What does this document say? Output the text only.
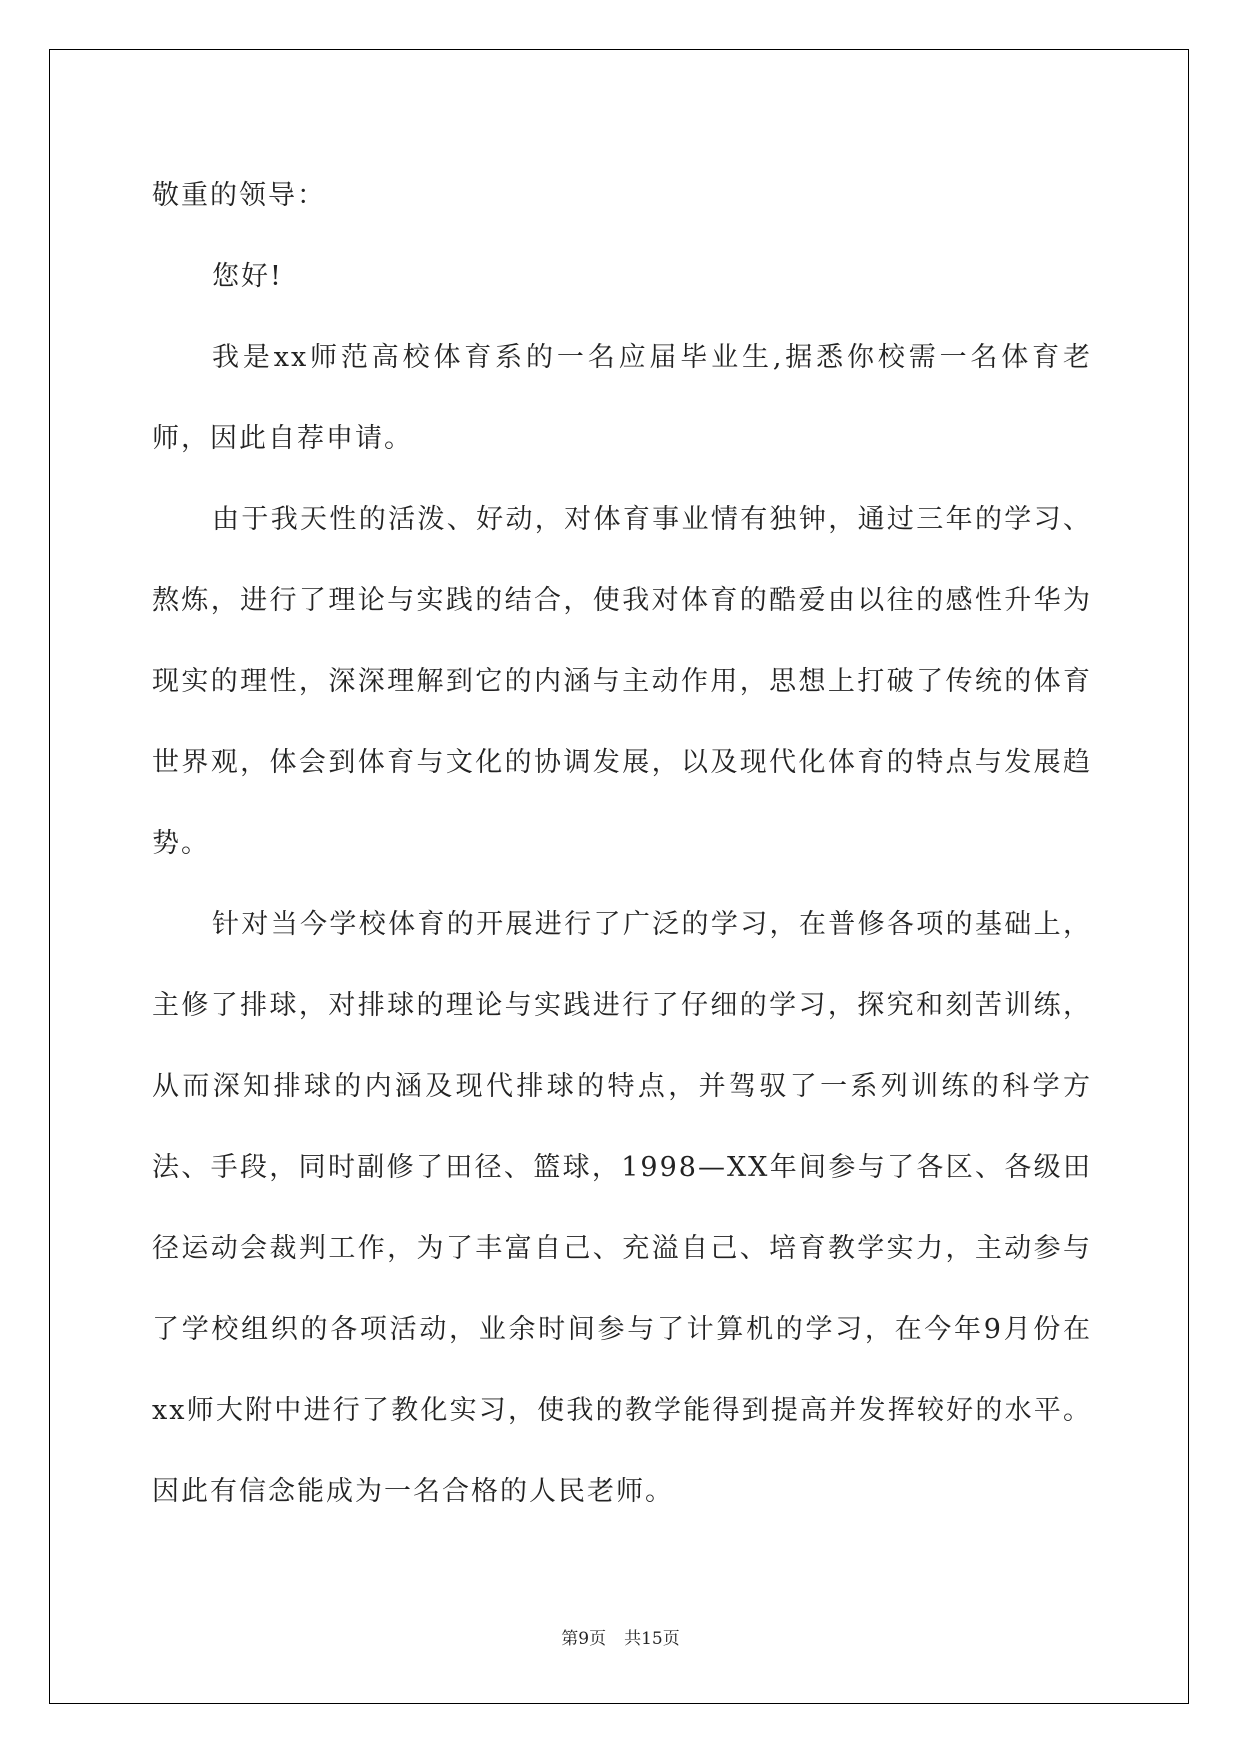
敬重的领导：

您好!

我是xx师范高校体育系的一名应届毕业生,据悉你校需一名体育老师，因此自荐申请。

由于我天性的活泼、好动，对体育事业情有独钟，通过三年的学习、熬炼，进行了理论与实践的结合，使我对体育的酷爱由以往的感性升华为现实的理性，深深理解到它的内涵与主动作用，思想上打破了传统的体育世界观，体会到体育与文化的协调发展，以及现代化体育的特点与发展趋势。

针对当今学校体育的开展进行了广泛的学习，在普修各项的基础上，主修了排球，对排球的理论与实践进行了仔细的学习，探究和刻苦训练，从而深知排球的内涵及现代排球的特点，并驾驭了一系列训练的科学方法、手段，同时副修了田径、篮球，1998—XX年间参与了各区、各级田径运动会裁判工作，为了丰富自己、充溢自己、培育教学实力，主动参与了学校组织的各项活动，业余时间参与了计算机的学习，在今年9月份在xx师大附中进行了教化实习，使我的教学能得到提高并发挥较好的水平。因此有信念能成为一名合格的人民老师。

第9页 共15页
